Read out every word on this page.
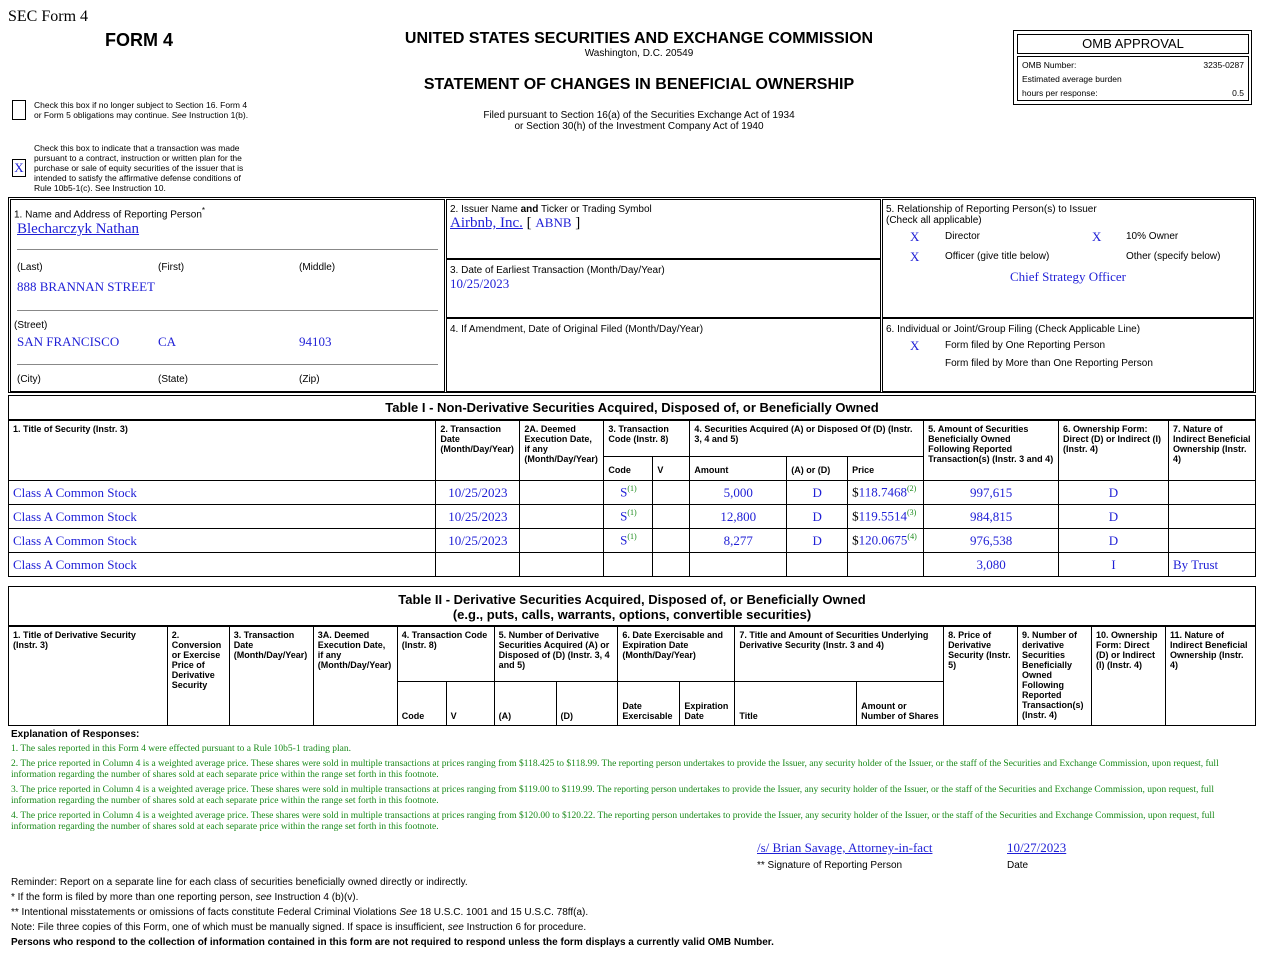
SEC Form 4
FORM 4	UNITED STATES SECURITIES AND EXCHANGE COMMISSION
Washington, D.C. 20549
STATEMENT OF CHANGES IN BENEFICIAL OWNERSHIP
Filed pursuant to Section 16(a) of the Securities Exchange Act of 1934
or Section 30(h) of the Investment Company Act of 1940
Check this box if no longer subject to Section 16. Form 4
or Form 5 obligations may continue. See Instruction 1(b).
X
Check this box to indicate that a transaction was made
pursuant to a contract, instruction or written plan for the
purchase or sale of equity securities of the issuer that is
intended to satisfy the affirmative defense conditions of
Rule 10b5-1(c). See Instruction 10.
OMB APPROVAL
OMB Number:	3235-0287
Estimated average burden
hours per response:	0.5
1. Name and Address of Reporting Person*
Blecharczyk Nathan
(Last)	(First)	(Middle)
888 BRANNAN STREET
(Street)
SAN FRANCISCO	CA	94103
(City)	(State)	(Zip)
2. Issuer Name and Ticker or Trading Symbol
Airbnb, Inc. [ ABNB ]
3. Date of Earliest Transaction (Month/Day/Year)
10/25/2023
4. If Amendment, Date of Original Filed (Month/Day/Year)
5. Relationship of Reporting Person(s) to Issuer
(Check all applicable)
X	Director	X 10% Owner
X	Officer (give title below)	Other (specify below)
Chief Strategy Officer
6. Individual or Joint/Group Filing (Check Applicable Line)
X	Form filed by One Reporting Person
Form filed by More than One Reporting Person
Table I - Non-Derivative Securities Acquired, Disposed of, or Beneficially Owned
1. Title of Security (Instr. 3)	2. Transaction Date (Month/Day/Year)	2A. Deemed Execution Date, if any (Month/Day/Year)	3. Transaction Code (Instr. 8)		4. Securities Acquired (A) or Disposed Of (D) (Instr. 3, 4 and 5)			5. Amount of Securities Beneficially Owned Following Reported Transaction(s) (Instr. 3 and 4)	6. Ownership Form: Direct (D) or Indirect (I) (Instr. 4)	7. Nature of Indirect Beneficial Ownership (Instr. 4)
			Code	V	Amount	(A) or (D)	Price			
Class A Common Stock	10/25/2023		$S^{(1)}$		5,000	D	$118.7468$^{(2)}$	997,615	D	
Class A Common Stock	10/25/2023		$S^{(1)}$		12,800	D	$119.5514$^{(3)}$	984,815	D	
Class A Common Stock	10/25/2023		$S^{(1)}$		8,277	D	$120.0675$^{(4)}$	976,538	D	
Class A Common Stock								3,080	I	By Trust
Table II - Derivative Securities Acquired, Disposed of, or Beneficially Owned
(e.g., puts, calls, warrants, options, convertible securities)
1. Title of Derivative Security (Instr. 3)	2. Conversion or Exercise Price of Derivative Security	3. Transaction Date (Month/Day/Year)	3A. Deemed Execution Date, if any (Month/Day/Year)	4. Transaction Code (Instr. 8)		5. Number of Derivative Securities Acquired (A) or Disposed of (D) (Instr. 3, 4 and 5)		6. Date Exercisable and Expiration Date (Month/Day/Year)		7. Title and Amount of Securities Underlying Derivative Security (Instr. 3 and 4)		8. Price of Derivative Security (Instr. 5)	9. Number of derivative Securities Beneficially Owned Following Reported Transaction(s) (Instr. 4)	10. Ownership Form: Direct (D) or Indirect (I) (Instr. 4)	11. Nature of Indirect Beneficial Ownership (Instr. 4)
				Code	V	(A)	(D)	Date Exercisable	Expiration Date	Title	Amount or Number of Shares				
Explanation of Responses:
1. The sales reported in this Form 4 were effected pursuant to a Rule 10b5-1 trading plan.
2. The price reported in Column 4 is a weighted average price. These shares were sold in multiple transactions at prices ranging from $118.425 to $118.99. The reporting person undertakes to provide the Issuer, any security holder of the Issuer, or the staff of the Securities and Exchange Commission, upon request, full information regarding the number of shares sold at each separate price within the range set forth in this footnote.
3. The price reported in Column 4 is a weighted average price. These shares were sold in multiple transactions at prices ranging from $119.00 to $119.99. The reporting person undertakes to provide the Issuer, any security holder of the Issuer, or the staff of the Securities and Exchange Commission, upon request, full information regarding the number of shares sold at each separate price within the range set forth in this footnote.
4. The price reported in Column 4 is a weighted average price. These shares were sold in multiple transactions at prices ranging from $120.00 to $120.22. The reporting person undertakes to provide the Issuer, any security holder of the Issuer, or the staff of the Securities and Exchange Commission, upon request, full information regarding the number of shares sold at each separate price within the range set forth in this footnote.
/s/ Brian Savage, Attorney-in-fact
** Signature of Reporting Person
10/27/2023
Date
Reminder: Report on a separate line for each class of securities beneficially owned directly or indirectly.
* If the form is filed by more than one reporting person, see Instruction 4 (b)(v).
** Intentional misstatements or omissions of facts constitute Federal Criminal Violations See 18 U.S.C. 1001 and 15 U.S.C. 78ff(a).
Note: File three copies of this Form, one of which must be manually signed. If space is insufficient, see Instruction 6 for procedure.
Persons who respond to the collection of information contained in this form are not required to respond unless the form displays a currently valid OMB Number.
